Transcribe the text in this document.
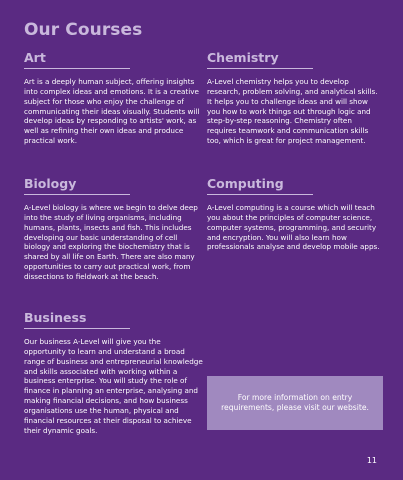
Our Courses
Art

Art is a deeply human subject, offering insights into complex ideas and emotions. It is a creative subject for those who enjoy the challenge of communicating their ideas visually. Students will develop ideas by responding to artists' work, as well as refining their own ideas and produce practical work.

Chemistry

A-Level chemistry helps you to develop research, problem solving, and analytical skills. It helps you to challenge ideas and will show you how to work things out through logic and step-by-step reasoning. Chemistry often requires teamwork and communication skills too, which is great for project management.

Biology

A-Level biology is where we begin to delve deep into the study of living organisms, including humans, plants, insects and fish. This includes developing our basic understanding of cell biology and exploring the biochemistry that is shared by all life on Earth. There are also many opportunities to carry out practical work, from dissections to fieldwork at the beach.

Computing

A-Level computing is a course which will teach you about the principles of computer science, computer systems, programming, and security and encryption. You will also learn how professionals analyse and develop mobile apps.

Business

Our business A-Level will give you the opportunity to learn and understand a broad range of business and entrepreneurial knowledge and skills associated with working within a business enterprise. You will study the role of finance in planning an enterprise, analysing and making financial decisions, and how business organisations use the human, physical and financial resources at their disposal to achieve their dynamic goals.

For more information on entry requirements, please visit our website.
11
